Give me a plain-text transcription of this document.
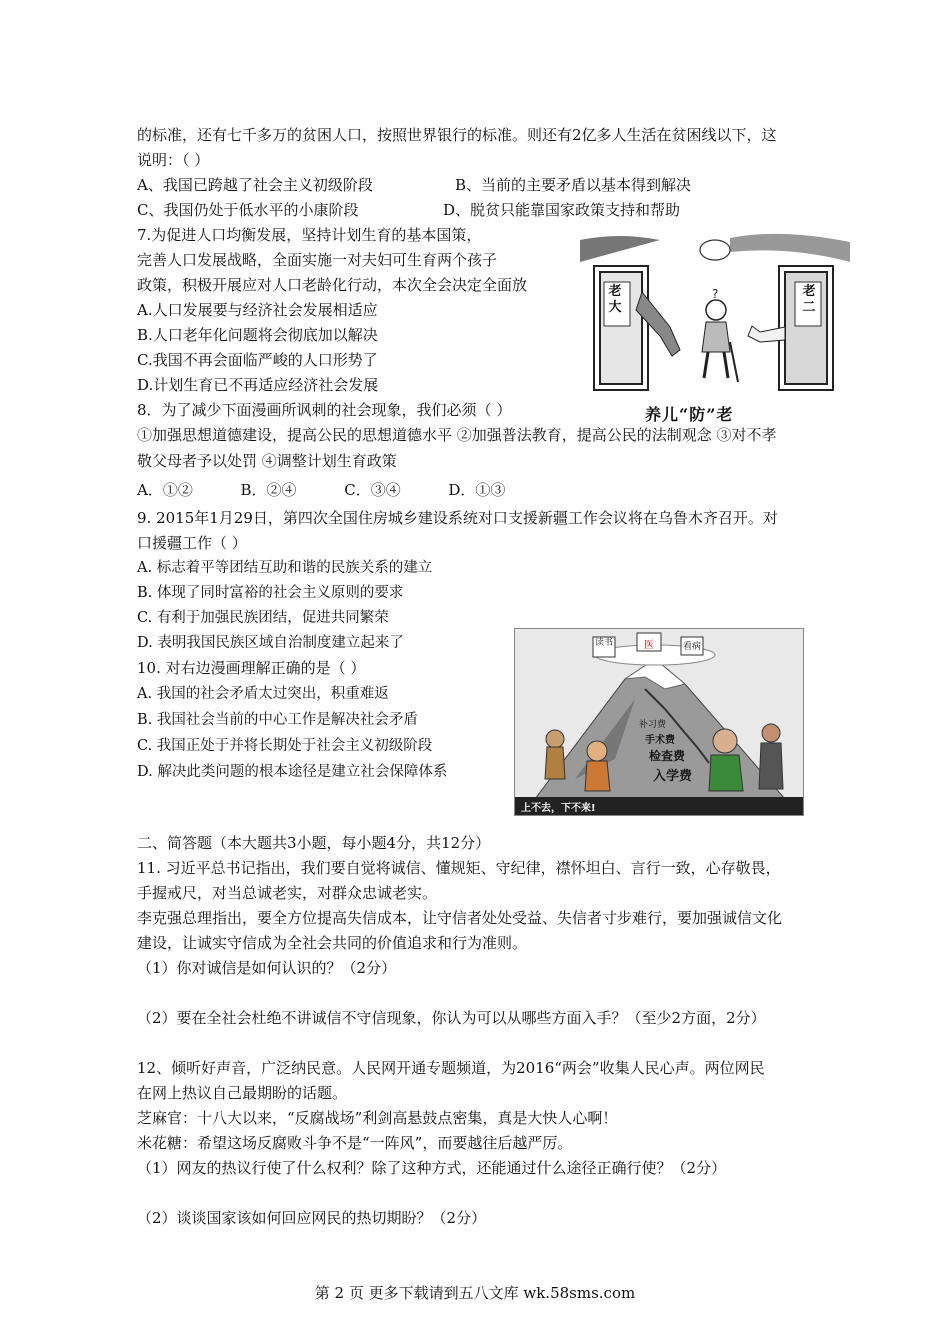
的标准，还有七千多万的贫困人口，按照世界银行的标准。则还有2亿多人生活在贫困线以下，这
说明：（ ）
A、我国已跨越了社会主义初级阶段	B、当前的主要矛盾以基本得到解决
C、我国仍处于低水平的小康阶段	D、脱贫只能靠国家政策支持和帮助
7.为促进人口均衡发展，坚持计划生育的基本国策，
完善人口发展战略，全面实施一对夫妇可生育两个孩子
政策，积极开展应对人口老龄化行动，本次全会决定全面放
A.人口发展要与经济社会发展相适应
B.人口老年化问题将会彻底加以解决
C.我国不再会面临严峻的人口形势了
D.计划生育已不再适应经济社会发展
?
老大
老二
养儿“防”老
8．为了减少下面漫画所讽刺的社会现象，我们必须（ ）
①加强思想道德建设，提高公民的思想道德水平 ②加强普法教育，提高公民的法制观念 ③对不孝
敬父母者予以处罚 ④调整计划生育政策
A．①②          B．②④          C．③④          D．①③
9. 2015年1月29日，第四次全国住房城乡建设系统对口支援新疆工作会议将在乌鲁木齐召开。对
口援疆工作（ ）
A. 标志着平等团结互助和谐的民族关系的建立
B. 体现了同时富裕的社会主义原则的要求
C. 有利于加强民族团结，促进共同繁荣
D. 表明我国民族区域自治制度建立起来了
10. 对右边漫画理解正确的是（ ）
A. 我国的社会矛盾太过突出，积重难返
B. 我国社会当前的中心工作是解决社会矛盾
C. 我国正处于并将长期处于社会主义初级阶段
D. 解决此类问题的根本途径是建立社会保障体系
读书	医	看病
补习费
手术费
检查费
入学费
上不去，下不来!
二、简答题（本大题共3小题，每小题4分，共12分）
11. 习近平总书记指出，我们要自觉将诚信、懂规矩、守纪律，襟怀坦白、言行一致，心存敬畏，
手握戒尺，对当总诚老实，对群众忠诚老实。
李克强总理指出，要全方位提高失信成本，让守信者处处受益、失信者寸步难行，要加强诚信文化
建设，让诚实守信成为全社会共同的价值追求和行为准则。
（1）你对诚信是如何认识的？（2分）
（2）要在全社会杜绝不讲诚信不守信现象，你认为可以从哪些方面入手？（至少2方面，2分）
12、倾听好声音，广泛纳民意。人民网开通专题频道，为2016“两会”收集人民心声。两位网民
在网上热议自己最期盼的话题。
芝麻官：十八大以来，“反腐战场”利剑高悬鼓点密集，真是大快人心啊！
米花糖：希望这场反腐败斗争不是“一阵风”，而要越往后越严厉。
（1）网友的热议行使了什么权利？除了这种方式，还能通过什么途径正确行使？（2分）
（2）谈谈国家该如何回应网民的热切期盼？（2分）
第 2 页 更多下载请到五八文库 wk.58sms.com
